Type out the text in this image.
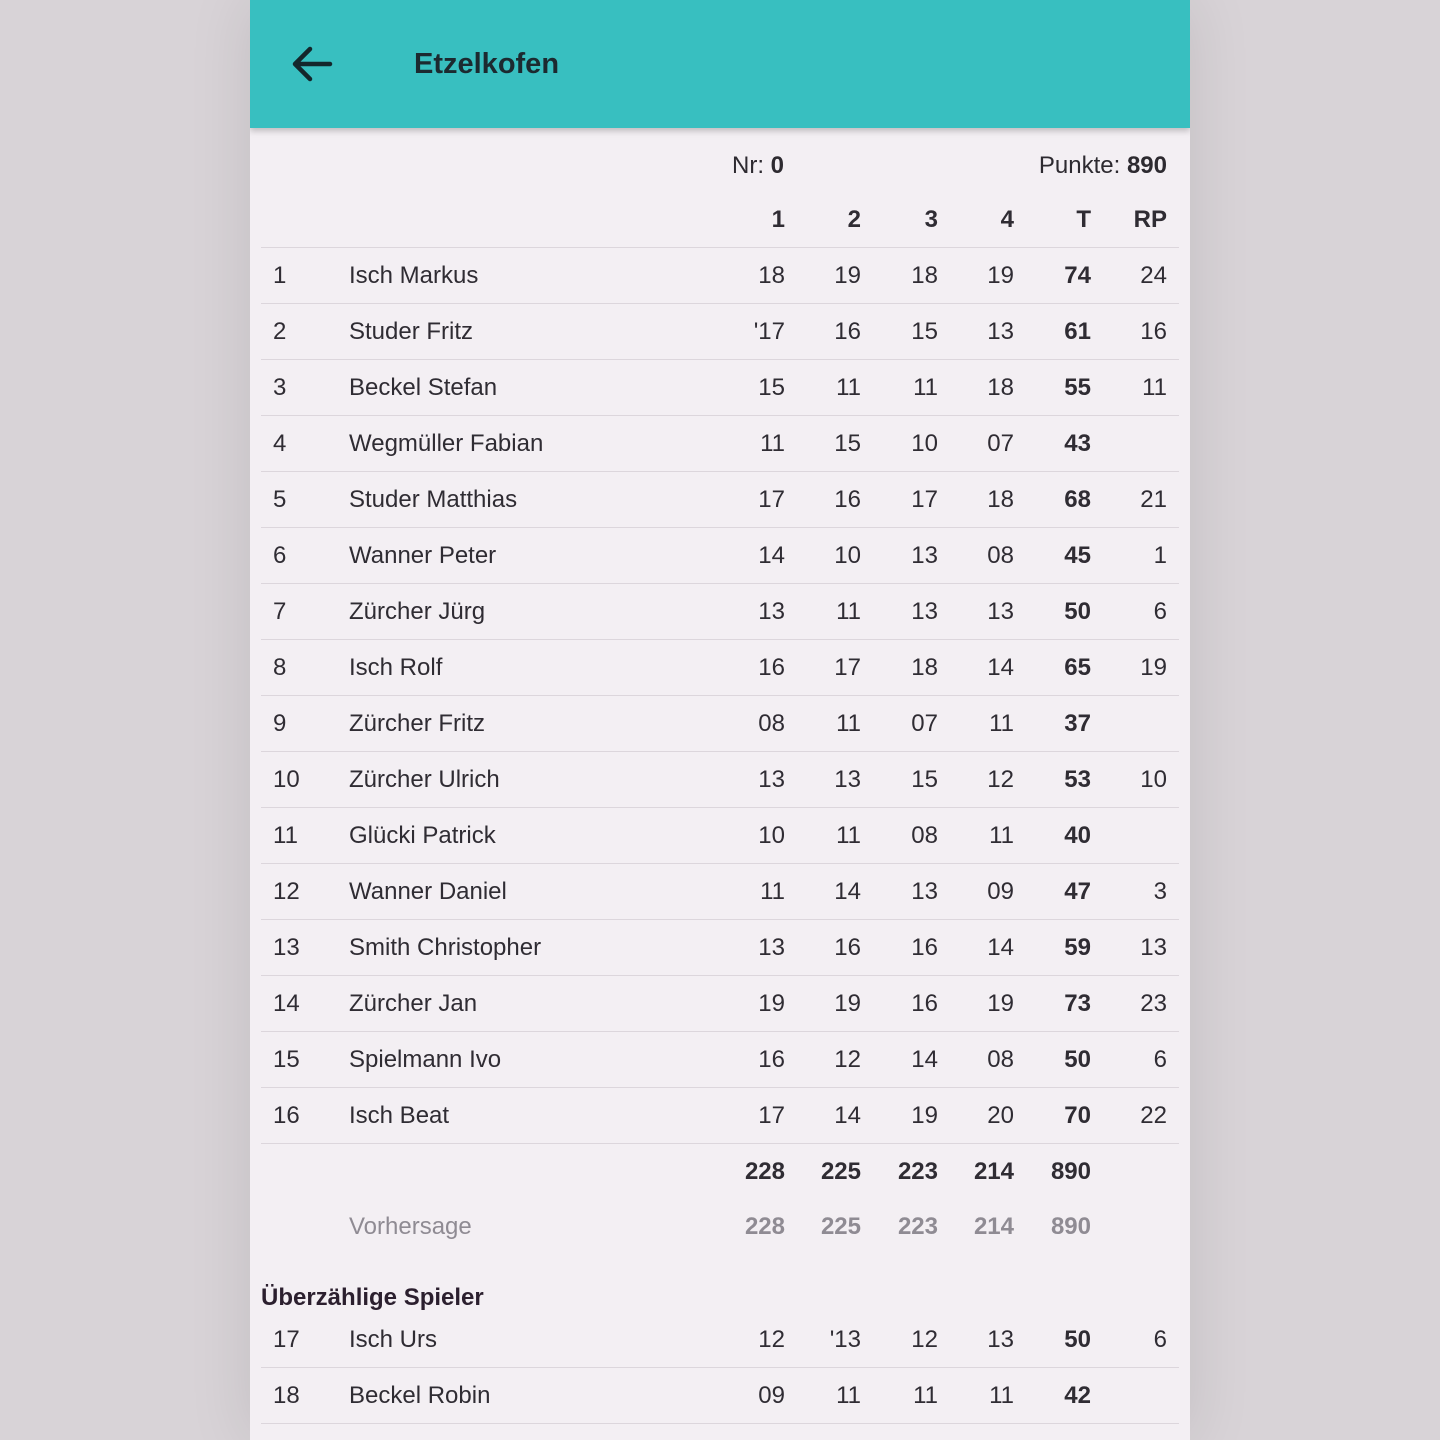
Etzelkofen
Nr: 0	Punkte: 890
1	2	3	4	T RP
1	Isch Markus	18 19 18 19 74 24
2	Studer Fritz	'17 16 15 13 61 16
3	Beckel Stefan	15 11 11 18 55 11
4	Wegmüller Fabian	11 15 10 07 43
5	Studer Matthias	17 16 17 18 68 21
6	Wanner Peter	14 10 13 08 45	1
7	Zürcher Jürg	13 11 13 13 50	6
8	Isch Rolf	16 17 18 14 65 19
9	Zürcher Fritz	08 11 07 11 37
10 Zürcher Ulrich	13 13 15 12 53 10
11 Glücki Patrick	10 11 08 11 40
12 Wanner Daniel	11 14 13 09 47	3
13 Smith Christopher	13 16 16 14 59 13
14 Zürcher Jan	19 19 16 19 73 23
15 Spielmann Ivo	16 12 14 08 50	6
16 Isch Beat	17 14 19 20 70 22
228 225 223 214 890
Vorhersage	228 225 223 214 890
Überzählige Spieler
17 Isch Urs	12 '13 12 13 50	6
18 Beckel Robin	09 11 11 11 42
